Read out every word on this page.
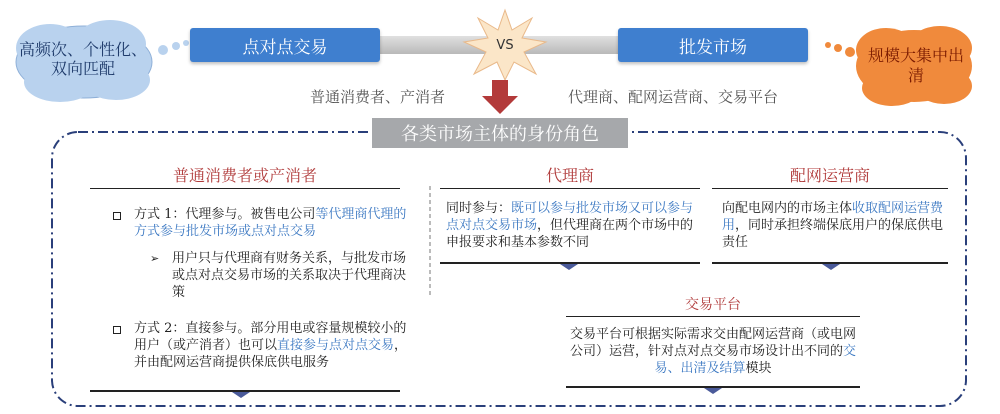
点对点交易	批发市场
VS
高频次、个性化、双向匹配
规模大集中出清
普通消费者、产消者	代理商、配网运营商、交易平台
各类市场主体的身份角色
普通消费者或产消者
方式 1：代理参与。被售电公司等代理商代理的方式参与批发市场或点对点交易
➢ 用户只与代理商有财务关系，与批发市场或点对点交易市场的关系取决于代理商决策
方式 2：直接参与。部分用电或容量规模较小的用户（或产消者）也可以直接参与点对点交易，并由配网运营商提供保底供电服务
代理商
同时参与：既可以参与批发市场又可以参与点对点交易市场，但代理商在两个市场中的申报要求和基本参数不同
配网运营商
向配电网内的市场主体收取配网运营费用，同时承担终端保底用户的保底供电责任
交易平台
交易平台可根据实际需求交由配网运营商（或电网公司）运营，针对点对点交易市场设计出不同的交易、出清及结算模块
